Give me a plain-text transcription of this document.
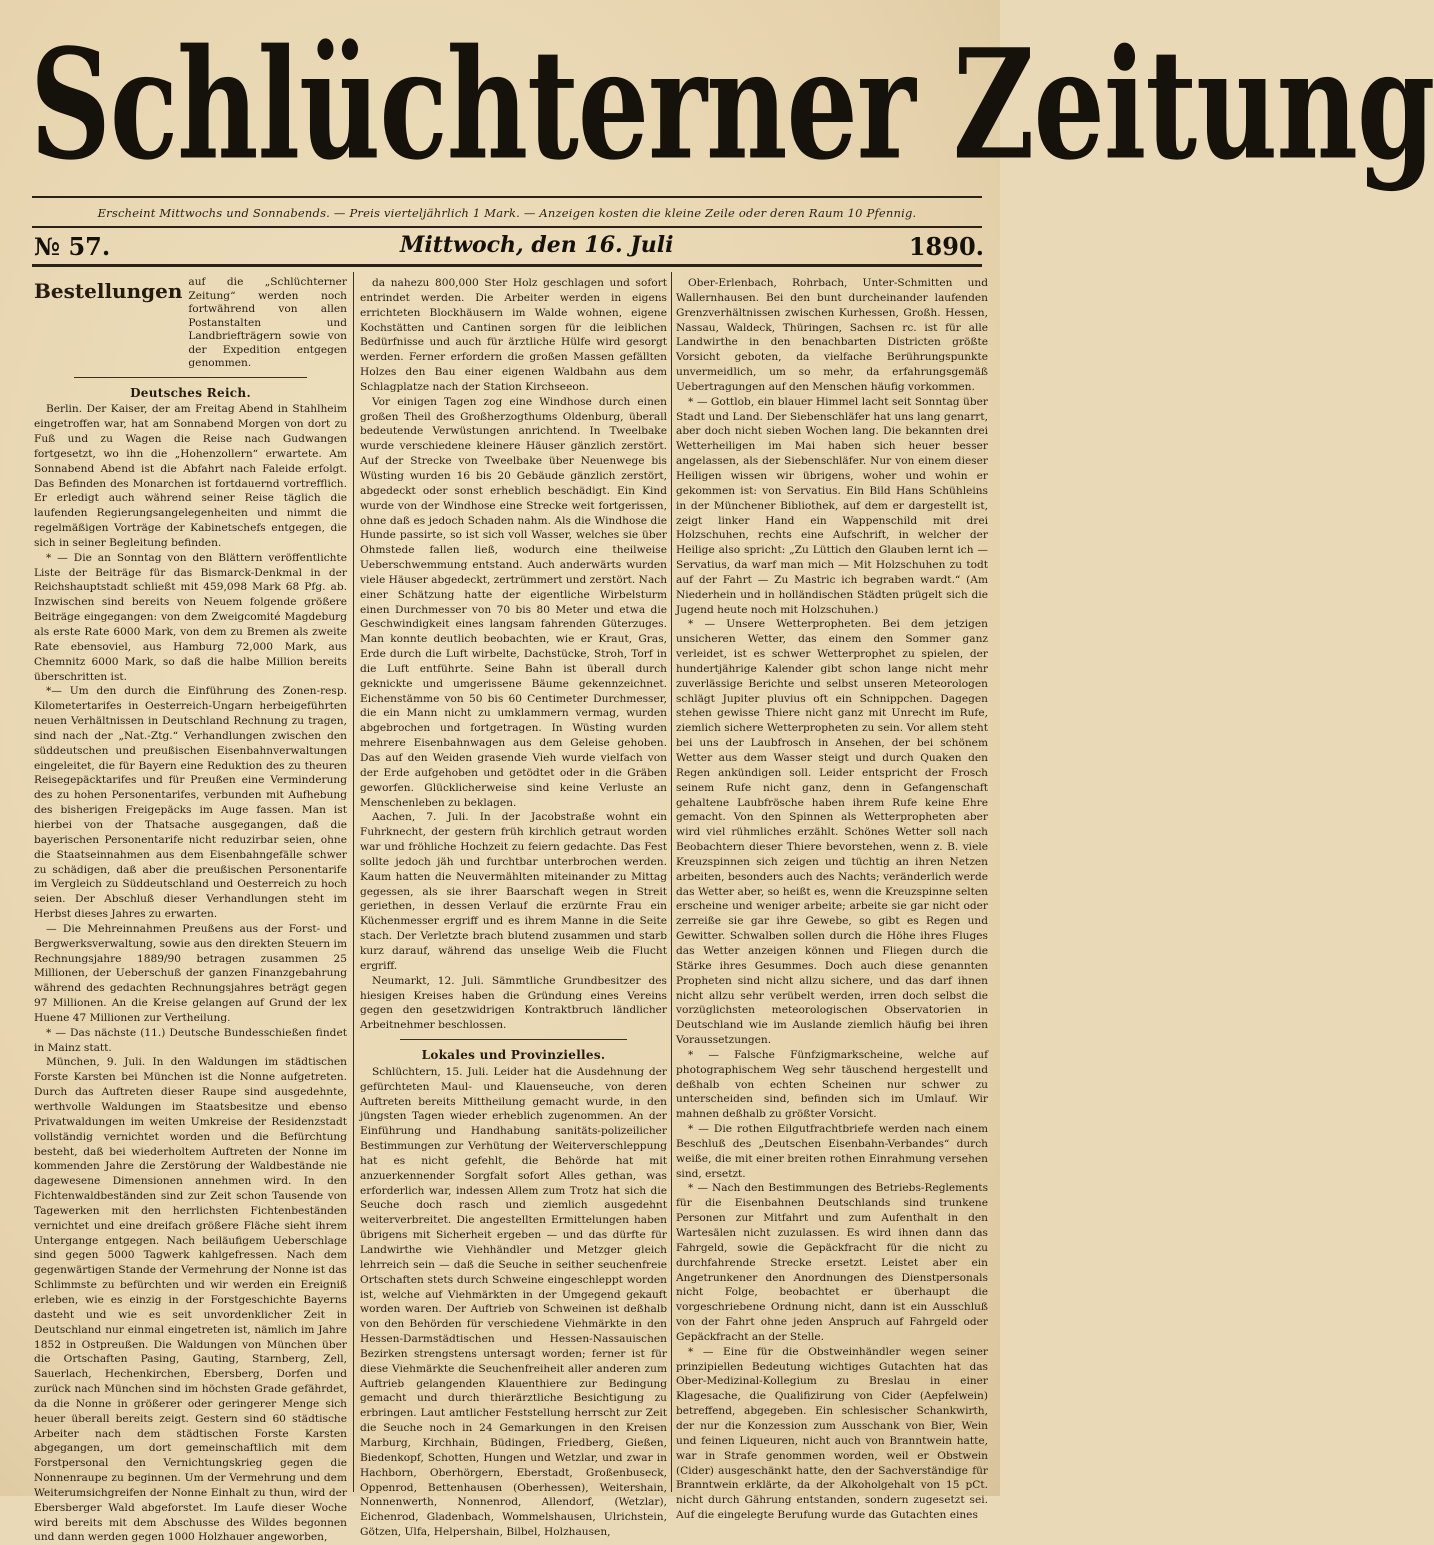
Schlüchterner Zeitung
Erscheint Mittwochs und Sonnabends. — Preis vierteljährlich 1 Mark. — Anzeigen kosten die kleine Zeile oder deren Raum 10 Pfennig.
№ 57.	Mittwoch, den 16. Juli	1890.
Bestellungen auf die „Schlüchterner Zeitung“ werden noch fortwährend von allen Postanstalten und Landbriefträgern sowie von der Expedition entgegen genommen.
Deutsches Reich.

Berlin. Der Kaiser, der am Freitag Abend in Stahlheim eingetroffen war, hat am Sonnabend Morgen von dort zu Fuß und zu Wagen die Reise nach Gudwangen fortgesetzt, wo ihn die „Hohenzollern“ erwartete. Am Sonnabend Abend ist die Abfahrt nach Faleide erfolgt. Das Befinden des Monarchen ist fortdauernd vortrefflich. Er erledigt auch während seiner Reise täglich die laufenden Regierungsangelegenheiten und nimmt die regelmäßigen Vorträge der Kabinetschefs entgegen, die sich in seiner Begleitung befinden.

* — Die an Sonntag von den Blättern veröffentlichte Liste der Beiträge für das Bismarck-Denkmal in der Reichshauptstadt schließt mit 459,098 Mark 68 Pfg. ab. Inzwischen sind bereits von Neuem folgende größere Beiträge eingegangen: von dem Zweigcomité Magdeburg als erste Rate 6000 Mark, von dem zu Bremen als zweite Rate ebensoviel, aus Hamburg 72,000 Mark, aus Chemnitz 6000 Mark, so daß die halbe Million bereits überschritten ist.

*— Um den durch die Einführung des Zonen-resp. Kilometertarifes in Oesterreich-Ungarn herbeigeführten neuen Verhältnissen in Deutschland Rechnung zu tragen, sind nach der „Nat.-Ztg.“ Verhandlungen zwischen den süddeutschen und preußischen Eisenbahnverwaltungen eingeleitet, die für Bayern eine Reduktion des zu theuren Reisegepäcktarifes und für Preußen eine Verminderung des zu hohen Personentarifes, verbunden mit Aufhebung des bisherigen Freigepäcks im Auge fassen. Man ist hierbei von der Thatsache ausgegangen, daß die bayerischen Personentarife nicht reduzirbar seien, ohne die Staatseinnahmen aus dem Eisenbahngefälle schwer zu schädigen, daß aber die preußischen Personentarife im Vergleich zu Süddeutschland und Oesterreich zu hoch seien. Der Abschluß dieser Verhandlungen steht im Herbst dieses Jahres zu erwarten.

— Die Mehreinnahmen Preußens aus der Forst- und Bergwerksverwaltung, sowie aus den direkten Steuern im Rechnungsjahre 1889/90 betragen zusammen 25 Millionen, der Ueberschuß der ganzen Finanzgebahrung während des gedachten Rechnungsjahres beträgt gegen 97 Millionen. An die Kreise gelangen auf Grund der lex Huene 47 Millionen zur Vertheilung.

* — Das nächste (11.) Deutsche Bundesschießen findet in Mainz statt.

München, 9. Juli. In den Waldungen im städtischen Forste Karsten bei München ist die Nonne aufgetreten. Durch das Auftreten dieser Raupe sind ausgedehnte, werthvolle Waldungen im Staatsbesitze und ebenso Privatwaldungen im weiten Umkreise der Residenzstadt vollständig vernichtet worden und die Befürchtung besteht, daß bei wiederholtem Auftreten der Nonne im kommenden Jahre die Zerstörung der Waldbestände nie dagewesene Dimensionen annehmen wird. In den Fichtenwaldbeständen sind zur Zeit schon Tausende von Tagewerken mit den herrlichsten Fichtenbeständen vernichtet und eine dreifach größere Fläche sieht ihrem Untergange entgegen. Nach beiläufigem Ueberschlage sind gegen 5000 Tagwerk kahlgefressen. Nach dem gegenwärtigen Stande der Vermehrung der Nonne ist das Schlimmste zu befürchten und wir werden ein Ereigniß erleben, wie es einzig in der Forstgeschichte Bayerns dasteht und wie es seit unvordenklicher Zeit in Deutschland nur einmal eingetreten ist, nämlich im Jahre 1852 in Ostpreußen. Die Waldungen von München über die Ortschaften Pasing, Gauting, Starnberg, Zell, Sauerlach, Hechenkirchen, Ebersberg, Dorfen und zurück nach München sind im höchsten Grade gefährdet, da die Nonne in größerer oder geringerer Menge sich heuer überall bereits zeigt. Gestern sind 60 städtische Arbeiter nach dem städtischen Forste Karsten abgegangen, um dort gemeinschaftlich mit dem Forstpersonal den Vernichtungskrieg gegen die Nonnenraupe zu beginnen. Um der Vermehrung und dem Weiterumsichgreifen der Nonne Einhalt zu thun, wird der Ebersberger Wald abgeforstet. Im Laufe dieser Woche wird bereits mit dem Abschusse des Wildes begonnen und dann werden gegen 1000 Holzhauer angeworben,

da nahezu 800,000 Ster Holz geschlagen und sofort entrindet werden. Die Arbeiter werden in eigens errichteten Blockhäusern im Walde wohnen, eigene Kochstätten und Cantinen sorgen für die leiblichen Bedürfnisse und auch für ärztliche Hülfe wird gesorgt werden. Ferner erfordern die großen Massen gefällten Holzes den Bau einer eigenen Waldbahn aus dem Schlagplatze nach der Station Kirchseeon.

Vor einigen Tagen zog eine Windhose durch einen großen Theil des Großherzogthums Oldenburg, überall bedeutende Verwüstungen anrichtend. In Tweelbake wurde verschiedene kleinere Häuser gänzlich zerstört. Auf der Strecke von Tweelbake über Neuenwege bis Wüsting wurden 16 bis 20 Gebäude gänzlich zerstört, abgedeckt oder sonst erheblich beschädigt. Ein Kind wurde von der Windhose eine Strecke weit fortgerissen, ohne daß es jedoch Schaden nahm. Als die Windhose die Hunde passirte, so ist sich voll Wasser, welches sie über Ohmstede fallen ließ, wodurch eine theilweise Ueberschwemmung entstand. Auch anderwärts wurden viele Häuser abgedeckt, zertrümmert und zerstört. Nach einer Schätzung hatte der eigentliche Wirbelsturm einen Durchmesser von 70 bis 80 Meter und etwa die Geschwindigkeit eines langsam fahrenden Güterzuges. Man konnte deutlich beobachten, wie er Kraut, Gras, Erde durch die Luft wirbelte, Dachstücke, Stroh, Torf in die Luft entführte. Seine Bahn ist überall durch geknickte und umgerissene Bäume gekennzeichnet. Eichenstämme von 50 bis 60 Centimeter Durchmesser, die ein Mann nicht zu umklammern vermag, wurden abgebrochen und fortgetragen. In Wüsting wurden mehrere Eisenbahnwagen aus dem Geleise gehoben. Das auf den Weiden grasende Vieh wurde vielfach von der Erde aufgehoben und getödtet oder in die Gräben geworfen. Glücklicherweise sind keine Verluste an Menschenleben zu beklagen.

Aachen, 7. Juli. In der Jacobstraße wohnt ein Fuhrknecht, der gestern früh kirchlich getraut worden war und fröhliche Hochzeit zu feiern gedachte. Das Fest sollte jedoch jäh und furchtbar unterbrochen werden. Kaum hatten die Neuvermählten miteinander zu Mittag gegessen, als sie ihrer Baarschaft wegen in Streit geriethen, in dessen Verlauf die erzürnte Frau ein Küchenmesser ergriff und es ihrem Manne in die Seite stach. Der Verletzte brach blutend zusammen und starb kurz darauf, während das unselige Weib die Flucht ergriff.

Neumarkt, 12. Juli. Sämmtliche Grundbesitzer des hiesigen Kreises haben die Gründung eines Vereins gegen den gesetzwidrigen Kontraktbruch ländlicher Arbeitnehmer beschlossen.

Lokales und Provinzielles.

Schlüchtern, 15. Juli. Leider hat die Ausdehnung der gefürchteten Maul- und Klauenseuche, von deren Auftreten bereits Mittheilung gemacht wurde, in den jüngsten Tagen wieder erheblich zugenommen. An der Einführung und Handhabung sanitäts-polizeilicher Bestimmungen zur Verhütung der Weiterverschleppung hat es nicht gefehlt, die Behörde hat mit anzuerkennender Sorgfalt sofort Alles gethan, was erforderlich war, indessen Allem zum Trotz hat sich die Seuche doch rasch und ziemlich ausgedehnt weiterverbreitet. Die angestellten Ermittelungen haben übrigens mit Sicherheit ergeben — und das dürfte für Landwirthe wie Viehhändler und Metzger gleich lehrreich sein — daß die Seuche in seither seuchenfreie Ortschaften stets durch Schweine eingeschleppt worden ist, welche auf Viehmärkten in der Umgegend gekauft worden waren. Der Auftrieb von Schweinen ist deßhalb von den Behörden für verschiedene Viehmärkte in den Hessen-Darmstädtischen und Hessen-Nassauischen Bezirken strengstens untersagt worden; ferner ist für diese Viehmärkte die Seuchenfreiheit aller anderen zum Auftrieb gelangenden Klauenthiere zur Bedingung gemacht und durch thierärztliche Besichtigung zu erbringen. Laut amtlicher Feststellung herrscht zur Zeit die Seuche noch in 24 Gemarkungen in den Kreisen Marburg, Kirchhain, Büdingen, Friedberg, Gießen, Biedenkopf, Schotten, Hungen und Wetzlar, und zwar in Hachborn, Oberhörgern, Eberstadt, Großenbuseck, Oppenrod, Bettenhausen (Oberhessen), Weitershain, Nonnenwerth, Nonnenrod, Allendorf, (Wetzlar), Eichenrod, Gladenbach, Wommelshausen, Ulrichstein, Götzen, Ulfa, Helpershain, Bilbel, Holzhausen,

Ober-Erlenbach, Rohrbach, Unter-Schmitten und Wallernhausen. Bei den bunt durcheinander laufenden Grenzverhältnissen zwischen Kurhessen, Großh. Hessen, Nassau, Waldeck, Thüringen, Sachsen rc. ist für alle Landwirthe in den benachbarten Districten größte Vorsicht geboten, da vielfache Berührungspunkte unvermeidlich, um so mehr, da erfahrungsgemäß Uebertragungen auf den Menschen häufig vorkommen.

* — Gottlob, ein blauer Himmel lacht seit Sonntag über Stadt und Land. Der Siebenschläfer hat uns lang genarrt, aber doch nicht sieben Wochen lang. Die bekannten drei Wetterheiligen im Mai haben sich heuer besser angelassen, als der Siebenschläfer. Nur von einem dieser Heiligen wissen wir übrigens, woher und wohin er gekommen ist: von Servatius. Ein Bild Hans Schühleins in der Münchener Bibliothek, auf dem er dargestellt ist, zeigt linker Hand ein Wappenschild mit drei Holzschuhen, rechts eine Aufschrift, in welcher der Heilige also spricht: „Zu Lüttich den Glauben lernt ich — Servatius, da warf man mich — Mit Holzschuhen zu todt auf der Fahrt — Zu Mastric ich begraben wardt.“ (Am Niederhein und in holländischen Städten prügelt sich die Jugend heute noch mit Holzschuhen.)

* — Unsere Wetterpropheten. Bei dem jetzigen unsicheren Wetter, das einem den Sommer ganz verleidet, ist es schwer Wetterprophet zu spielen, der hundertjährige Kalender gibt schon lange nicht mehr zuverlässige Berichte und selbst unseren Meteorologen schlägt Jupiter pluvius oft ein Schnippchen. Dagegen stehen gewisse Thiere nicht ganz mit Unrecht im Rufe, ziemlich sichere Wetterpropheten zu sein. Vor allem steht bei uns der Laubfrosch in Ansehen, der bei schönem Wetter aus dem Wasser steigt und durch Quaken den Regen ankündigen soll. Leider entspricht der Frosch seinem Rufe nicht ganz, denn in Gefangenschaft gehaltene Laubfrösche haben ihrem Rufe keine Ehre gemacht. Von den Spinnen als Wetterpropheten aber wird viel rühmliches erzählt. Schönes Wetter soll nach Beobachtern dieser Thiere bevorstehen, wenn z. B. viele Kreuzspinnen sich zeigen und tüchtig an ihren Netzen arbeiten, besonders auch des Nachts; veränderlich werde das Wetter aber, so heißt es, wenn die Kreuzspinne selten erscheine und weniger arbeite; arbeite sie gar nicht oder zerreiße sie gar ihre Gewebe, so gibt es Regen und Gewitter. Schwalben sollen durch die Höhe ihres Fluges das Wetter anzeigen können und Fliegen durch die Stärke ihres Gesummes. Doch auch diese genannten Propheten sind nicht allzu sichere, und das darf ihnen nicht allzu sehr verübelt werden, irren doch selbst die vorzüglichsten meteorologischen Observatorien in Deutschland wie im Auslande ziemlich häufig bei ihren Voraussetzungen.

* — Falsche Fünfzigmarkscheine, welche auf photographischem Weg sehr täuschend hergestellt und deßhalb von echten Scheinen nur schwer zu unterscheiden sind, befinden sich im Umlauf. Wir mahnen deßhalb zu größter Vorsicht.

* — Die rothen Eilgutfrachtbriefe werden nach einem Beschluß des „Deutschen Eisenbahn-Verbandes“ durch weiße, die mit einer breiten rothen Einrahmung versehen sind, ersetzt.

* — Nach den Bestimmungen des Betriebs-Reglements für die Eisenbahnen Deutschlands sind trunkene Personen zur Mitfahrt und zum Aufenthalt in den Wartesälen nicht zuzulassen. Es wird ihnen dann das Fahrgeld, sowie die Gepäckfracht für die nicht zu durchfahrende Strecke ersetzt. Leistet aber ein Angetrunkener den Anordnungen des Dienstpersonals nicht Folge, beobachtet er überhaupt die vorgeschriebene Ordnung nicht, dann ist ein Ausschluß von der Fahrt ohne jeden Anspruch auf Fahrgeld oder Gepäckfracht an der Stelle.

* — Eine für die Obstweinhändler wegen seiner prinzipiellen Bedeutung wichtiges Gutachten hat das Ober-Medizinal-Kollegium zu Breslau in einer Klagesache, die Qualifizirung von Cider (Aepfelwein) betreffend, abgegeben. Ein schlesischer Schankwirth, der nur die Konzession zum Ausschank von Bier, Wein und feinen Liqueuren, nicht auch von Branntwein hatte, war in Strafe genommen worden, weil er Obstwein (Cider) ausgeschänkt hatte, den der Sachverständige für Branntwein erklärte, da der Alkoholgehalt von 15 pCt. nicht durch Gährung entstanden, sondern zugesetzt sei. Auf die eingelegte Berufung wurde das Gutachten eines
